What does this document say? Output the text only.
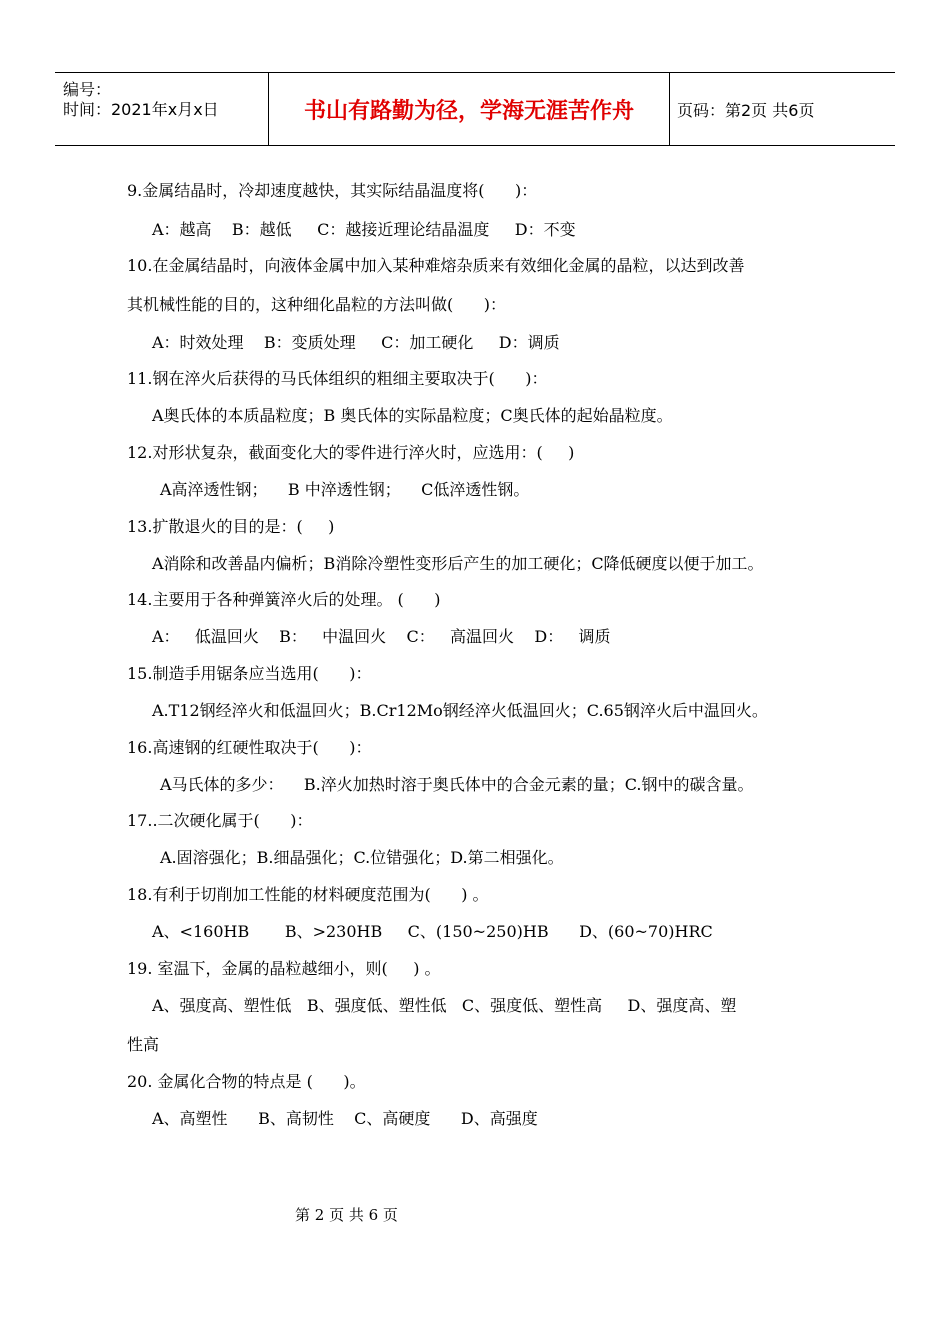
编号：
时间：2021年x月x日	书山有路勤为径，学海无涯苦作舟	页码：第2页 共6页
9.金属结晶时，冷却速度越快，其实际结晶温度将(      )：
A：越高    B：越低     C：越接近理论结晶温度     D：不变
10.在金属结晶时，向液体金属中加入某种难熔杂质来有效细化金属的晶粒，以达到改善
其机械性能的目的，这种细化晶粒的方法叫做(      )：
A：时效处理    B：变质处理     C：加工硬化     D：调质
11.钢在淬火后获得的马氏体组织的粗细主要取决于(      )：
A奥氏体的本质晶粒度；B 奥氏体的实际晶粒度；C奥氏体的起始晶粒度。
12.对形状复杂，截面变化大的零件进行淬火时，应选用：(     )
A高淬透性钢；    B 中淬透性钢；    C低淬透性钢。
13.扩散退火的目的是：(     )
A消除和改善晶内偏析；B消除冷塑性变形后产生的加工硬化；C降低硬度以便于加工。
14.主要用于各种弹簧淬火后的处理。 (      )
A：   低温回火    B：   中温回火    C：   高温回火    D：   调质
15.制造手用锯条应当选用(      )：
A.T12钢经淬火和低温回火；B.Cr12Mo钢经淬火低温回火；C.65钢淬火后中温回火。
16.高速钢的红硬性取决于(      )：
A马氏体的多少：    B.淬火加热时溶于奥氏体中的合金元素的量；C.钢中的碳含量。
17..二次硬化属于(      )：
A.固溶强化；B.细晶强化；C.位错强化；D.第二相强化。
18.有利于切削加工性能的材料硬度范围为(      ) 。
A、<160HB       B、>230HB     C、(150~250)HB      D、(60~70)HRC
19. 室温下，金属的晶粒越细小，则(     ) 。
A、强度高、塑性低   B、强度低、塑性低   C、强度低、塑性高     D、强度高、塑
性高
20. 金属化合物的特点是 (      )。
A、高塑性      B、高韧性    C、高硬度      D、高强度
第 2 页 共 6 页
